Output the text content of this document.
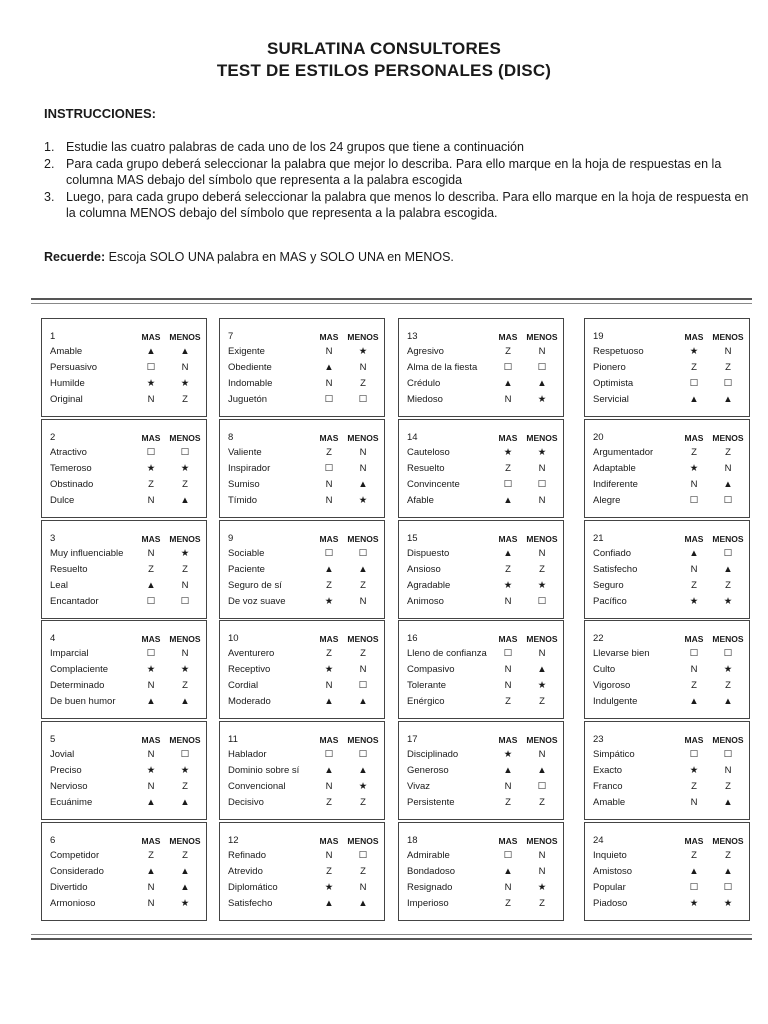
SURLATINA CONSULTORES
TEST DE ESTILOS PERSONALES (DISC)
INSTRUCCIONES:
1. Estudie las cuatro palabras de cada uno de los 24 grupos que tiene a continuación
2. Para cada grupo deberá seleccionar la palabra que mejor lo describa. Para ello marque en la hoja de respuestas en la columna MAS debajo del símbolo que representa a la palabra escogida
3. Luego, para cada grupo deberá seleccionar la palabra que menos lo describa. Para ello marque en la hoja de respuesta en la columna MENOS debajo del símbolo que representa a la palabra escogida.
Recuerde: Escoja SOLO UNA palabra en MAS y SOLO UNA en MENOS.
1	MAS	MENOS
Amable	▲	▲
Persuasivo	☐	N
Humilde	★	★
Original	N	Z
7	MAS	MENOS
Exigente	N	★
Obediente	▲	N
Indomable	N	Z
Juguetón	☐	☐
13	MAS	MENOS
Agresivo	Z	N
Alma de la fiesta	☐	☐
Crédulo	▲	▲
Miedoso	N	★
19	MAS	MENOS
Respetuoso	★	N
Pionero	Z	Z
Optimista	☐	☐
Servicial	▲	▲
2	MAS	MENOS
Atractivo	☐	☐
Temeroso	★	★
Obstinado	Z	Z
Dulce	N	▲
8	MAS	MENOS
Valiente	Z	N
Inspirador	☐	N
Sumiso	N	▲
Tímido	N	★
14	MAS	MENOS
Cauteloso	★	★
Resuelto	Z	N
Convincente	☐	☐
Afable	▲	N
20	MAS	MENOS
Argumentador	Z	Z
Adaptable	★	N
Indiferente	N	▲
Alegre	☐	☐
3	MAS	MENOS
Muy influenciable	N	★
Resuelto	Z	Z
Leal	▲	N
Encantador	☐	☐
9	MAS	MENOS
Sociable	☐	☐
Paciente	▲	▲
Seguro de sí	Z	Z
De voz suave	★	N
15	MAS	MENOS
Dispuesto	▲	N
Ansioso	Z	Z
Agradable	★	★
Animoso	N	☐
21	MAS	MENOS
Confiado	▲	☐
Satisfecho	N	▲
Seguro	Z	Z
Pacífico	★	★
4	MAS	MENOS
Imparcial	☐	N
Complaciente	★	★
Determinado	N	Z
De buen humor	▲	▲
10	MAS	MENOS
Aventurero	Z	Z
Receptivo	★	N
Cordial	N	☐
Moderado	▲	▲
16	MAS	MENOS
Lleno de confianza	☐	N
Compasivo	N	▲
Tolerante	N	★
Enérgico	Z	Z
22	MAS	MENOS
Llevarse bien	☐	☐
Culto	N	★
Vigoroso	Z	Z
Indulgente	▲	▲
5	MAS	MENOS
Jovial	N	☐
Preciso	★	★
Nervioso	N	Z
Ecuánime	▲	▲
11	MAS	MENOS
Hablador	☐	☐
Dominio sobre sí	▲	▲
Convencional	N	★
Decisivo	Z	Z
17	MAS	MENOS
Disciplinado	★	N
Generoso	▲	▲
Vivaz	N	☐
Persistente	Z	Z
23	MAS	MENOS
Simpático	☐	☐
Exacto	★	N
Franco	Z	Z
Amable	N	▲
6	MAS	MENOS
Competidor	Z	Z
Considerado	▲	▲
Divertido	N	▲
Armonioso	N	★
12	MAS	MENOS
Refinado	N	☐
Atrevido	Z	Z
Diplomático	★	N
Satisfecho	▲	▲
18	MAS	MENOS
Admirable	☐	N
Bondadoso	▲	N
Resignado	N	★
Imperioso	Z	Z
24	MAS	MENOS
Inquieto	Z	Z
Amistoso	▲	▲
Popular	☐	☐
Piadoso	★	★
